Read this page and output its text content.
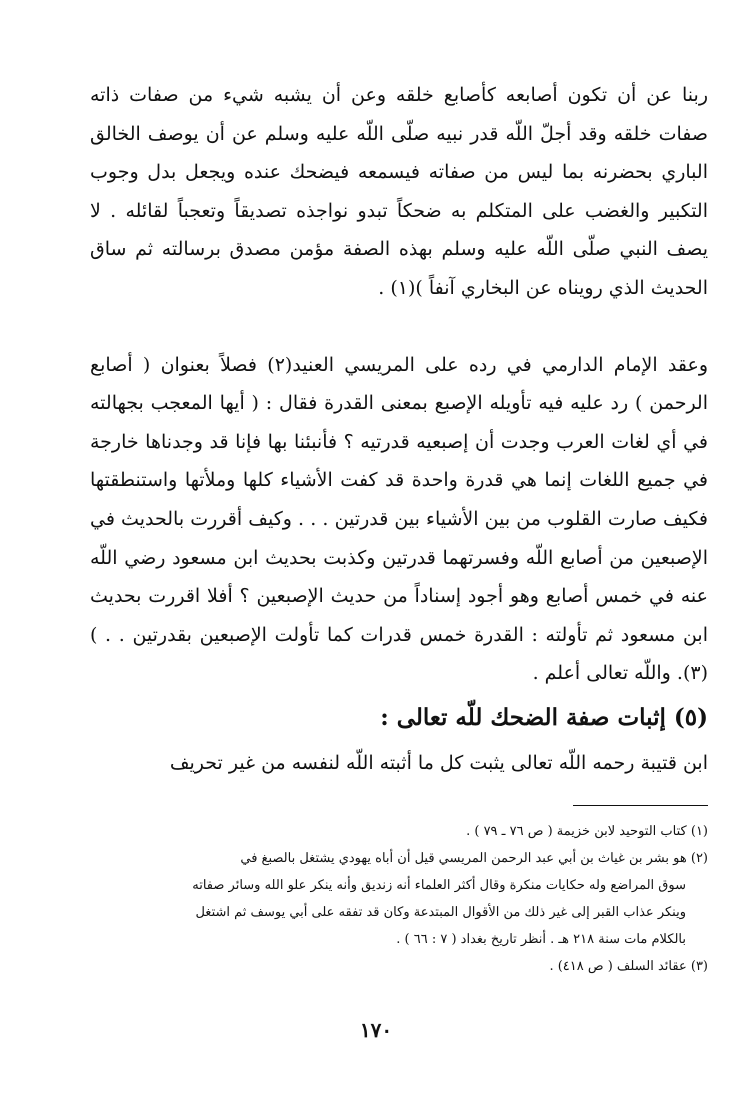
ربنا عن أن تكون أصابعه كأصابع خلقه وعن أن يشبه شيء من صفات ذاته صفات خلقه وقد أجلّ اللّه قدر نبيه صلّى اللّه عليه وسلم عن أن يوصف الخالق الباري بحضرنه بما ليس من صفاته فيسمعه فيضحك عنده ويجعل بدل وجوب التكبير والغضب على المتكلم به ضحكاً تبدو نواجذه تصديقاً وتعجباً لقائله . لا يصف النبي صلّى اللّه عليه وسلم بهذه الصفة مؤمن مصدق برسالته ثم ساق الحديث الذي رويناه عن البخاري آنفاً )(١) .

وعقد الإمام الدارمي في رده على المريسي العنيد(٢) فصلاً بعنوان ( أصابع الرحمن ) رد عليه فيه تأويله الإصبع بمعنى القدرة فقال : ( أيها المعجب بجهالته في أي لغات العرب وجدت أن إصبعيه قدرتيه ؟ فأنبئنا بها فإنا قد وجدناها خارجة في جميع اللغات إنما هي قدرة واحدة قد كفت الأشياء كلها وملأتها واستنطقتها فكيف صارت القلوب من بين الأشياء بين قدرتين . . . وكيف أقررت بالحديث في الإصبعين من أصابع اللّه وفسرتهما قدرتين وكذبت بحديث ابن مسعود رضي اللّه عنه في خمس أصابع وهو أجود إسناداً من حديث الإصبعين ؟ أفلا اقررت بحديث ابن مسعود ثم تأولته : القدرة خمس قدرات كما تأولت الإصبعين بقدرتين . . )(٣). واللّه تعالى أعلم .

(٥) إثبات صفة الضحك للّه تعالى :

ابن قتيبة رحمه اللّه تعالى يثبت كل ما أثبته اللّه لنفسه من غير تحريف

(١) كتاب التوحيد لابن خزيمة ( ص ٧٦ ـ ٧٩ ) .
(٢) هو بشر بن غياث بن أبي عبد الرحمن المريسي قيل أن أباه يهودي يشتغل بالصبغ في
سوق المراضع وله حكايات منكرة وقال أكثر العلماء أنه زنديق وأنه ينكر علو الله وسائر صفاته
وينكر عذاب القبر إلى غير ذلك من الأقوال المبتدعة وكان قد تفقه على أبي يوسف ثم اشتغل
بالكلام مات سنة ٢١٨ هـ . أنظر تاريخ بغداد ( ٧ : ٦٦ ) .
(٣) عقائد السلف ( ص ٤١٨) .
١٧٠
